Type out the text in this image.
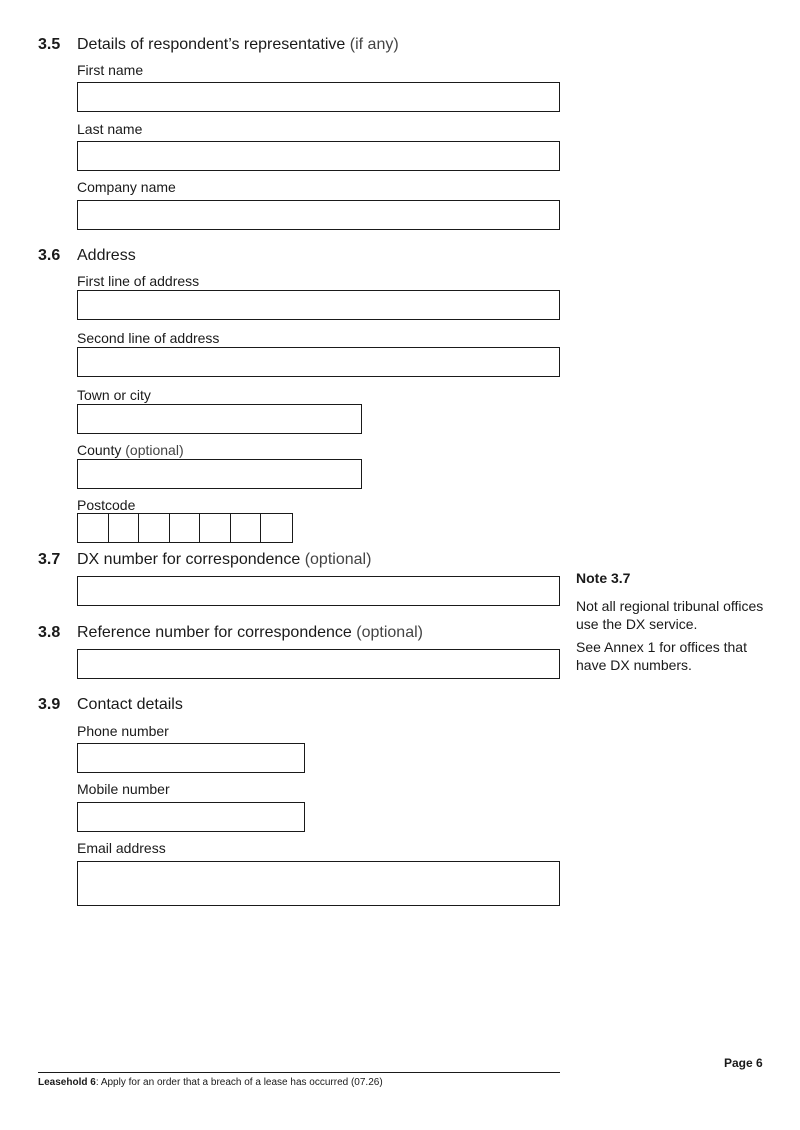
3.5 Details of respondent’s representative (if any)
First name
Last name
Company name
3.6 Address
First line of address
Second line of address
Town or city
County (optional)
Postcode
3.7 DX number for correspondence (optional)
Note 3.7
Not all regional tribunal offices use the DX service.
See Annex 1 for offices that have DX numbers.
3.8 Reference number for correspondence (optional)
3.9 Contact details
Phone number
Mobile number
Email address
Page 6
Leasehold 6: Apply for an order that a breach of a lease has occurred (07.26)
